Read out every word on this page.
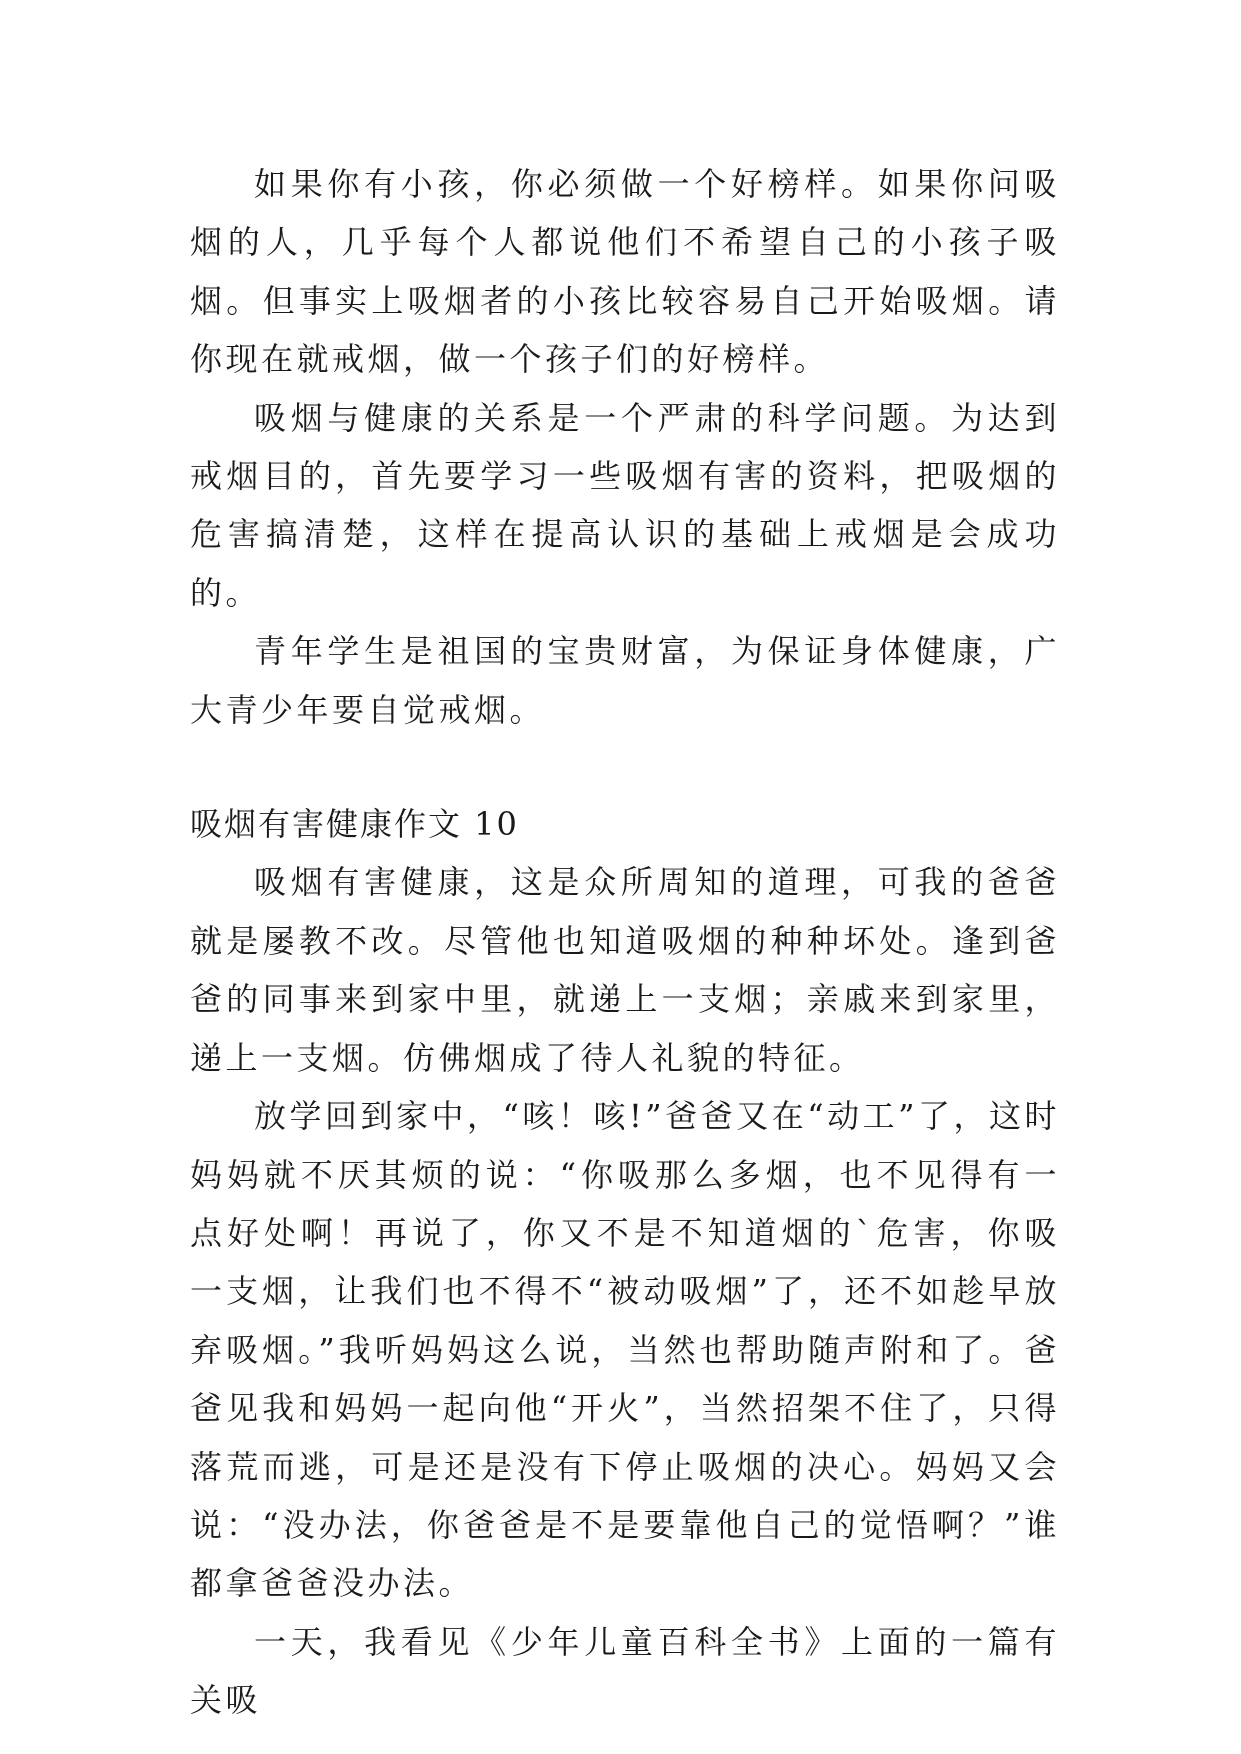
如果你有小孩，你必须做一个好榜样。如果你问吸烟的人，几乎每个人都说他们不希望自己的小孩子吸烟。但事实上吸烟者的小孩比较容易自己开始吸烟。请你现在就戒烟，做一个孩子们的好榜样。

吸烟与健康的关系是一个严肃的科学问题。为达到戒烟目的，首先要学习一些吸烟有害的资料，把吸烟的危害搞清楚，这样在提高认识的基础上戒烟是会成功的。

青年学生是祖国的宝贵财富，为保证身体健康，广大青少年要自觉戒烟。

吸烟有害健康作文 10

吸烟有害健康，这是众所周知的道理，可我的爸爸就是屡教不改。尽管他也知道吸烟的种种坏处。逢到爸爸的同事来到家中里，就递上一支烟；亲戚来到家里，递上一支烟。仿佛烟成了待人礼貌的特征。

放学回到家中，“咳！咳!”爸爸又在“动工”了，这时妈妈就不厌其烦的说：“你吸那么多烟，也不见得有一点好处啊！再说了，你又不是不知道烟的`危害，你吸一支烟，让我们也不得不“被动吸烟”了，还不如趁早放弃吸烟。”我听妈妈这么说，当然也帮助随声附和了。爸爸见我和妈妈一起向他“开火”，当然招架不住了，只得落荒而逃，可是还是没有下停止吸烟的决心。妈妈又会说：“没办法，你爸爸是不是要靠他自己的觉悟啊？”谁都拿爸爸没办法。

一天，我看见《少年儿童百科全书》上面的一篇有关吸
